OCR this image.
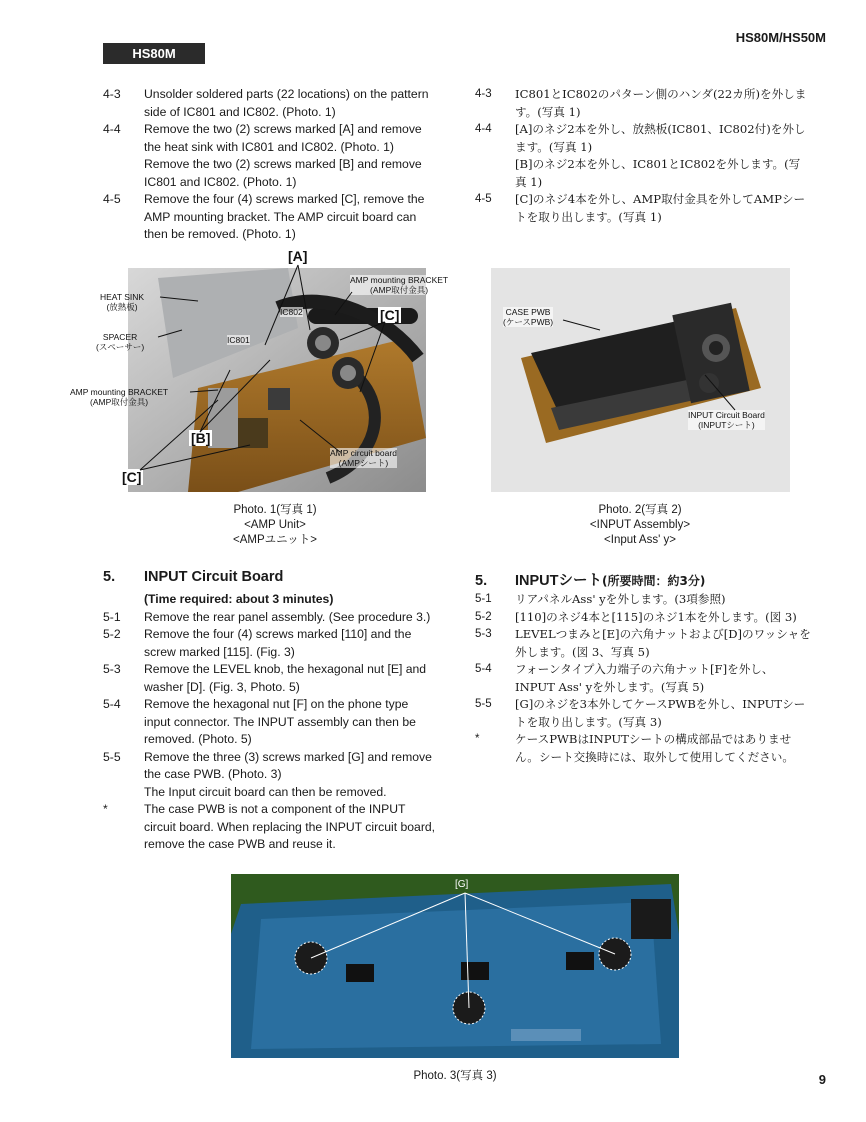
HS80M
HS80M/HS50M
4-3	Unsolder soldered parts (22 locations) on the pattern side of IC801 and IC802. (Photo. 1)
4-4	Remove the two (2) screws marked [A] and remove the heat sink with IC801 and IC802. (Photo. 1)
Remove the two (2) screws marked [B] and remove IC801 and IC802. (Photo. 1)
4-5	Remove the four (4) screws marked [C], remove the AMP mounting bracket. The AMP circuit board can then be removed. (Photo. 1)
4-3	IC801とIC802のパターン側のハンダ(22カ所)を外します。(写真 1)
4-4	[A]のネジ2本を外し、放熱板(IC801、IC802付)を外します。(写真 1)
[B]のネジ2本を外し、IC801とIC802を外します。(写真 1)
4-5	[C]のネジ4本を外し、AMP取付金具を外してAMPシートを取り出します。(写真 1)
[A]
HEAT SINK
(放熱板)
SPACER
(スペーサー)
AMP mounting BRACKET
(AMP取付金具)
AMP mounting BRACKET
(AMP取付金具)
IC802
IC801
[C]
[B]
[C]
AMP circuit board
(AMPシート)
Photo. 1(写真 1)
<AMP Unit>
<AMPユニット>
CASE PWB
(ケースPWB)
INPUT Circuit Board
(INPUTシート)
Photo. 2(写真 2)
<INPUT Assembly>
<Input Ass' y>
5. INPUT Circuit Board
(Time required: about 3 minutes)
5-1	Remove the rear panel assembly. (See procedure 3.)
5-2	Remove the four (4) screws marked [110] and the screw marked [115]. (Fig. 3)
5-3	Remove the LEVEL knob, the hexagonal nut [E] and washer [D]. (Fig. 3, Photo. 5)
5-4	Remove the hexagonal nut [F] on the phone type input connector. The INPUT assembly can then be removed. (Photo. 5)
5-5	Remove the three (3) screws marked [G] and remove the case PWB. (Photo. 3)
The Input circuit board can then be removed.
*	The case PWB is not a component of the INPUT circuit board. When replacing the INPUT circuit board, remove the case PWB and reuse it.
5. INPUTシート(所要時間：約3分)
5-1	リアパネルAss' yを外します。(3項参照)
5-2	[110]のネジ4本と[115]のネジ1本を外します。(図 3)
5-3	LEVELつまみと[E]の六角ナットおよび[D]のワッシャを外します。(図 3、写真 5)
5-4	フォーンタイプ入力端子の六角ナット[F]を外し、INPUT Ass' yを外します。(写真 5)
5-5	[G]のネジを3本外してケースPWBを外し、INPUTシートを取り出します。(写真 3)
*	ケースPWBはINPUTシートの構成部品ではありません。シート交換時には、取外して使用してください。
[G]
Photo. 3(写真 3)	9
